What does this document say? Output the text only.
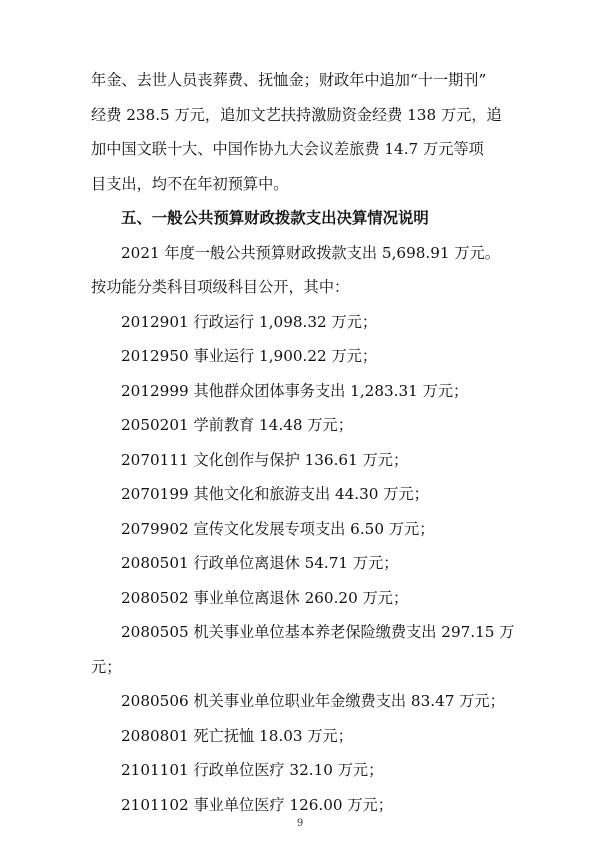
年金、去世人员丧葬费、抚恤金；财政年中追加“十一期刊”
经费 238.5 万元，追加文艺扶持激励资金经费 138 万元，追
加中国文联十大、中国作协九大会议差旅费 14.7 万元等项
目支出，均不在年初预算中。
五、一般公共预算财政拨款支出决算情况说明
2021 年度一般公共预算财政拨款支出 5,698.91 万元。
按功能分类科目项级科目公开，其中：
2012901 行政运行 1,098.32 万元；
2012950 事业运行 1,900.22 万元；
2012999 其他群众团体事务支出 1,283.31 万元；
2050201 学前教育 14.48 万元；
2070111 文化创作与保护 136.61 万元；
2070199 其他文化和旅游支出 44.30 万元；
2079902 宣传文化发展专项支出 6.50 万元；
2080501 行政单位离退休 54.71 万元；
2080502 事业单位离退休 260.20 万元；
2080505 机关事业单位基本养老保险缴费支出 297.15 万
元；
2080506 机关事业单位职业年金缴费支出 83.47 万元；
2080801 死亡抚恤 18.03 万元；
2101101 行政单位医疗 32.10 万元；
2101102 事业单位医疗 126.00 万元；
9
